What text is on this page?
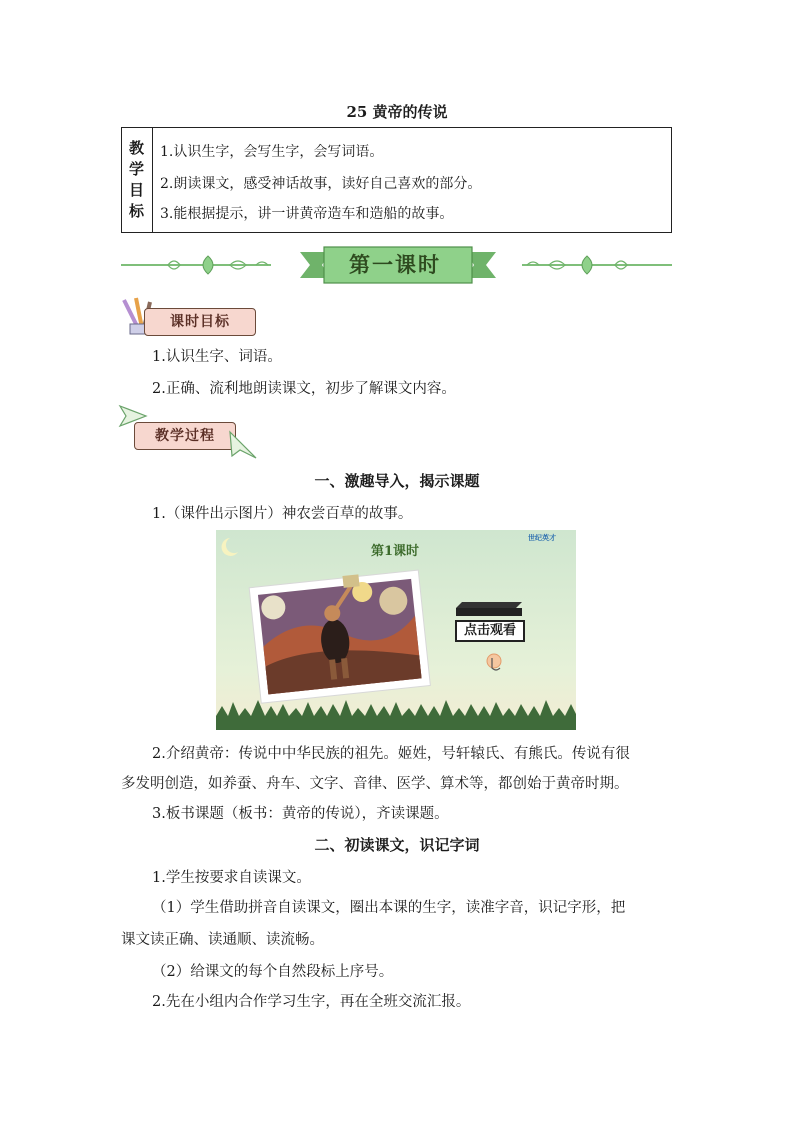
25 黄帝的传说
教
学
目
标
1.认识生字，会写生字，会写词语。
2.朗读课文，感受神话故事，读好自己喜欢的部分。
3.能根据提示，讲一讲黄帝造车和造船的故事。
第一课时
课时目标
1.认识生字、词语。
2.正确、流利地朗读课文，初步了解课文内容。
教学过程
一、激趣导入，揭示课题
1.（课件出示图片）神农尝百草的故事。
第1课时
世纪英才
点击观看
2.介绍黄帝：传说中中华民族的祖先。姬姓，号轩辕氏、有熊氏。传说有很
多发明创造，如养蚕、舟车、文字、音律、医学、算术等，都创始于黄帝时期。
3.板书课题（板书：黄帝的传说），齐读课题。
二、初读课文，识记字词
1.学生按要求自读课文。
（1）学生借助拼音自读课文，圈出本课的生字，读准字音，识记字形，把
课文读正确、读通顺、读流畅。
（2）给课文的每个自然段标上序号。
2.先在小组内合作学习生字，再在全班交流汇报。
